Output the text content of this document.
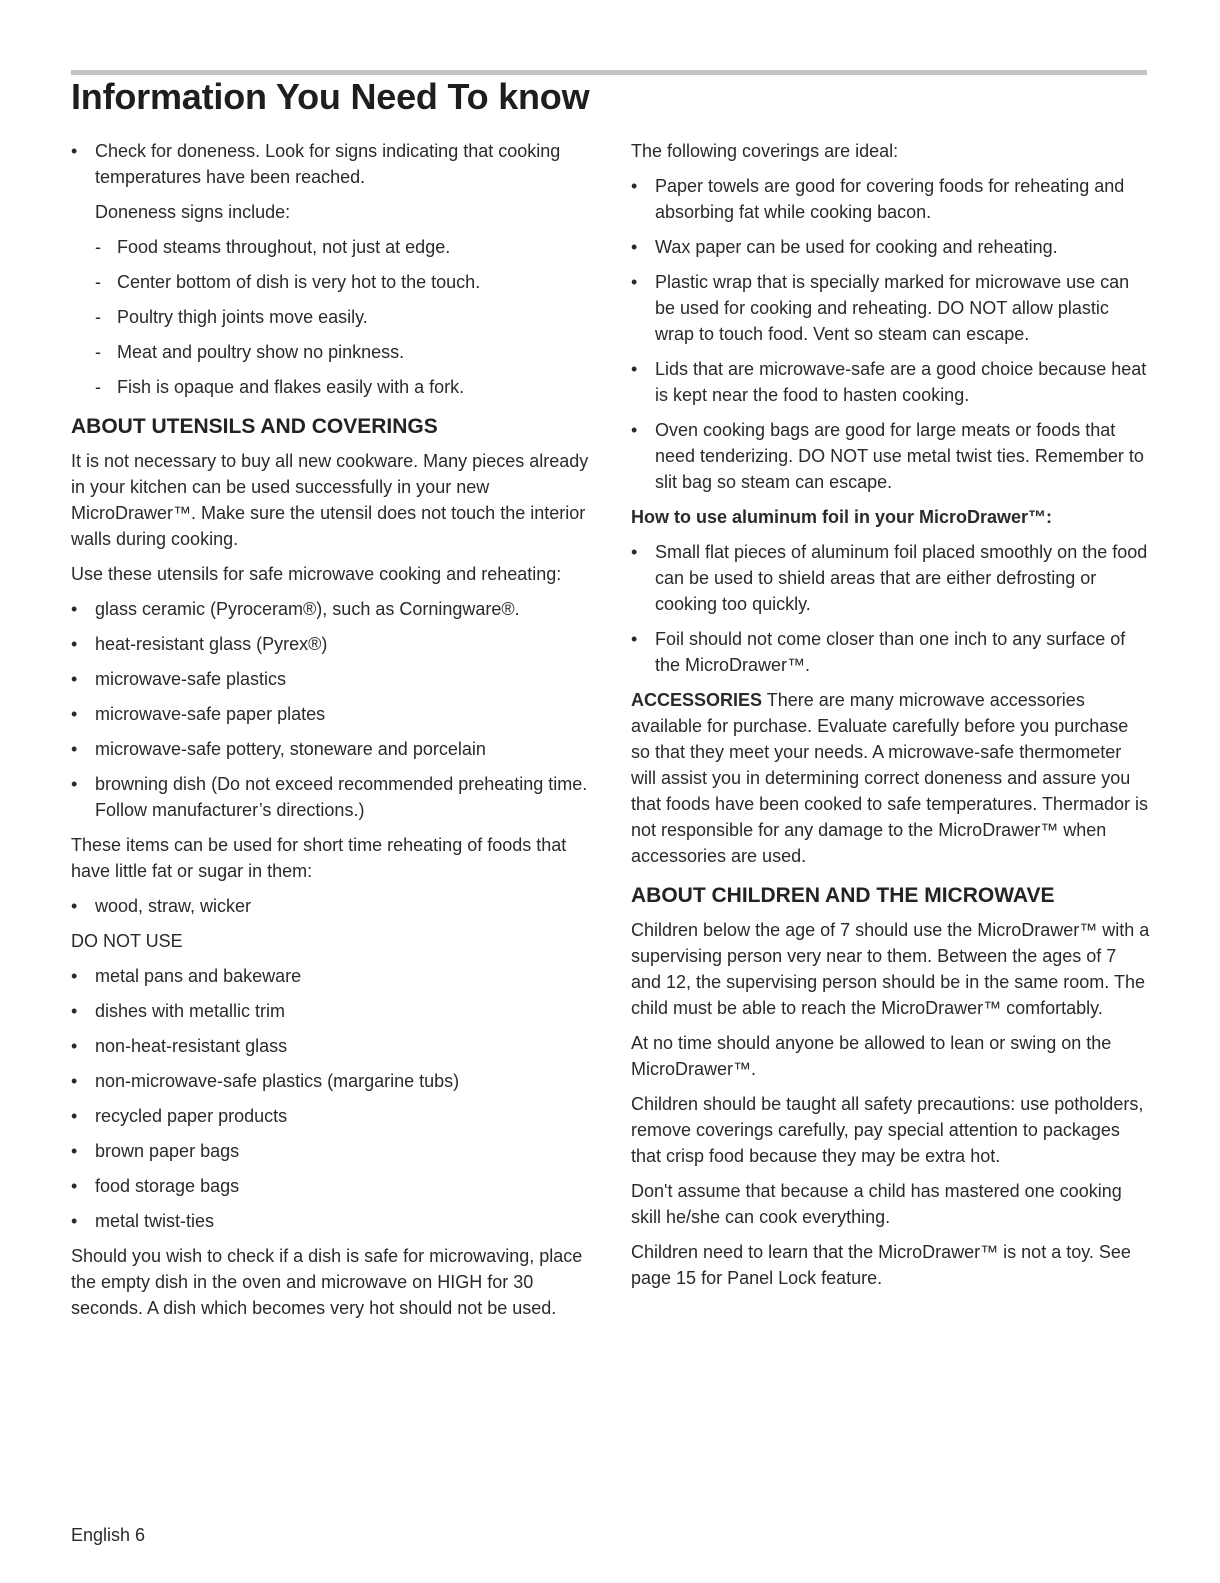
Information You Need To know
• Check for doneness. Look for signs indicating that cooking temperatures have been reached.

Doneness signs include:

- Food steams throughout, not just at edge.
- Center bottom of dish is very hot to the touch.
- Poultry thigh joints move easily.
- Meat and poultry show no pinkness.
- Fish is opaque and flakes easily with a fork.
ABOUT UTENSILS AND COVERINGS

It is not necessary to buy all new cookware. Many pieces already in your kitchen can be used successfully in your new MicroDrawer™. Make sure the utensil does not touch the interior walls during cooking.

Use these utensils for safe microwave cooking and reheating:

• glass ceramic (Pyroceram®), such as Corningware®.
• heat-resistant glass (Pyrex®)
• microwave-safe plastics
• microwave-safe paper plates
• microwave-safe pottery, stoneware and porcelain
• browning dish (Do not exceed recommended preheating time. Follow manufacturer’s directions.)

These items can be used for short time reheating of foods that have little fat or sugar in them:

• wood, straw, wicker

DO NOT USE

• metal pans and bakeware
• dishes with metallic trim
• non-heat-resistant glass
• non-microwave-safe plastics (margarine tubs)
• recycled paper products
• brown paper bags
• food storage bags
• metal twist-ties

Should you wish to check if a dish is safe for microwaving, place the empty dish in the oven and microwave on HIGH for 30 seconds. A dish which becomes very hot should not be used.

The following coverings are ideal:

• Paper towels are good for covering foods for reheating and absorbing fat while cooking bacon.
• Wax paper can be used for cooking and reheating.
• Plastic wrap that is specially marked for microwave use can be used for cooking and reheating. DO NOT allow plastic wrap to touch food. Vent so steam can escape.
• Lids that are microwave-safe are a good choice because heat is kept near the food to hasten cooking.
• Oven cooking bags are good for large meats or foods that need tenderizing. DO NOT use metal twist ties. Remember to slit bag so steam can escape.

How to use aluminum foil in your MicroDrawer™:

• Small flat pieces of aluminum foil placed smoothly on the food can be used to shield areas that are either defrosting or cooking too quickly.
• Foil should not come closer than one inch to any surface of the MicroDrawer™.

ACCESSORIES There are many microwave accessories available for purchase. Evaluate carefully before you purchase so that they meet your needs. A microwave-safe thermometer will assist you in determining correct doneness and assure you that foods have been cooked to safe temperatures. Thermador is not responsible for any damage to the MicroDrawer™ when accessories are used.

ABOUT CHILDREN AND THE MICROWAVE

Children below the age of 7 should use the MicroDrawer™ with a supervising person very near to them. Between the ages of 7 and 12, the supervising person should be in the same room. The child must be able to reach the MicroDrawer™ comfortably.

At no time should anyone be allowed to lean or swing on the MicroDrawer™.

Children should be taught all safety precautions: use potholders, remove coverings carefully, pay special attention to packages that crisp food because they may be extra hot.

Don't assume that because a child has mastered one cooking skill he/she can cook everything.

Children need to learn that the MicroDrawer™ is not a toy. See page 15 for Panel Lock feature.

English 6
